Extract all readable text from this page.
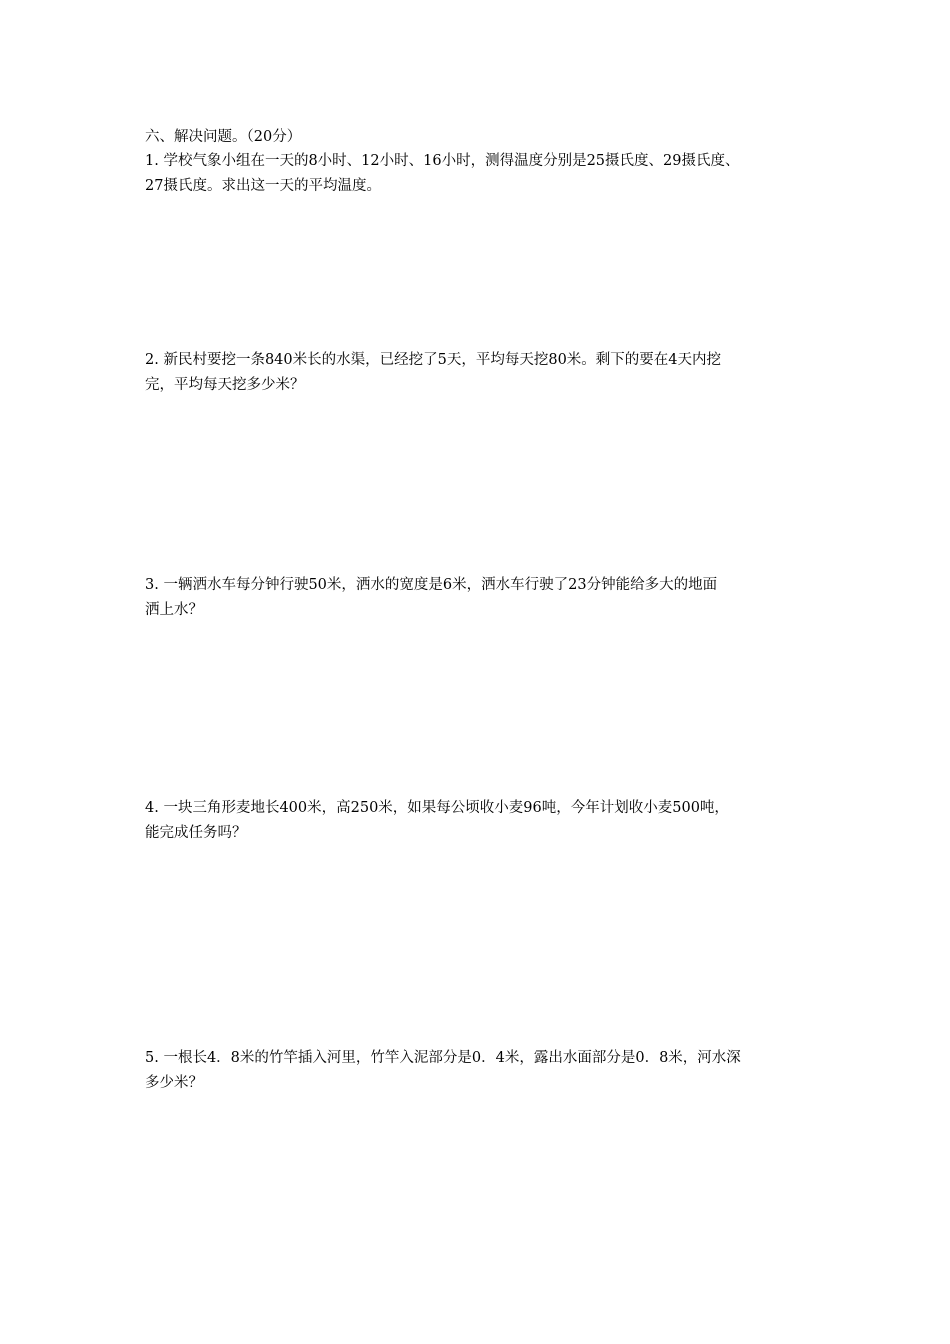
六、解决问题。（20分）
1. 学校气象小组在一天的8小时、12小时、16小时，测得温度分别是25摄氏度、29摄氏度、
27摄氏度。求出这一天的平均温度。
2. 新民村要挖一条840米长的水渠，已经挖了5天，平均每天挖80米。剩下的要在4天内挖
完，平均每天挖多少米？
3. 一辆洒水车每分钟行驶50米，洒水的宽度是6米，洒水车行驶了23分钟能给多大的地面
洒上水？
4. 一块三角形麦地长400米，高250米，如果每公顷收小麦96吨，今年计划收小麦500吨，
能完成任务吗？
5. 一根长4．8米的竹竿插入河里，竹竿入泥部分是0．4米，露出水面部分是0．8米，河水深
多少米？
